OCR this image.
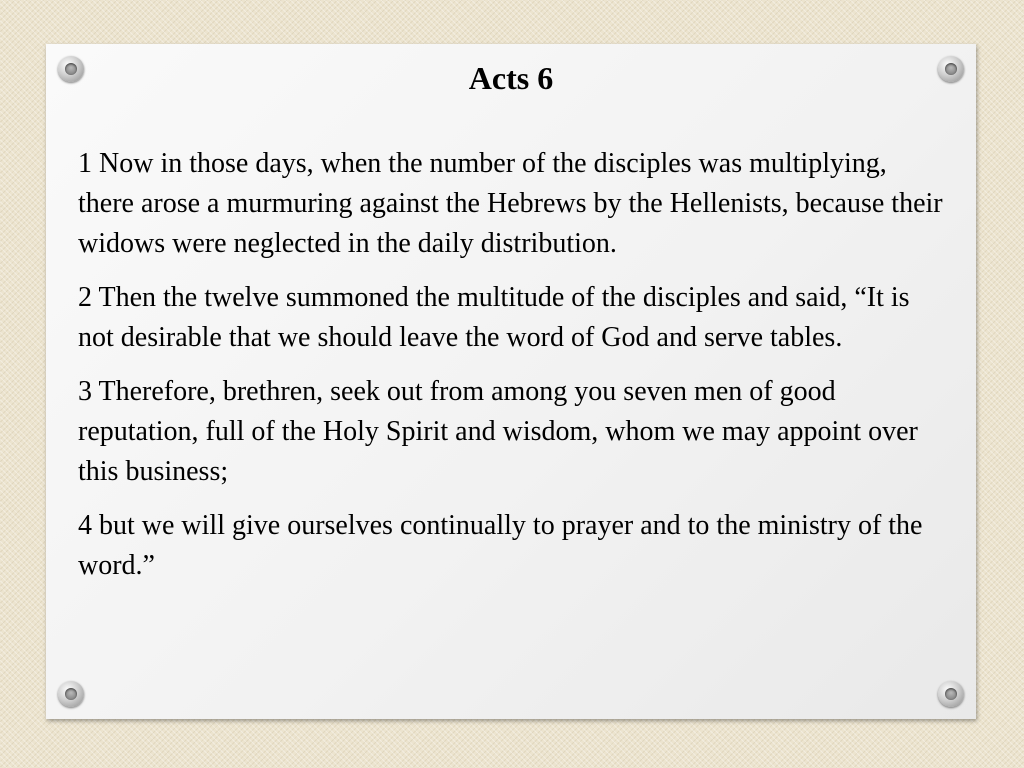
Acts 6

1 Now in those days, when the number of the disciples was multiplying, there arose a murmuring against the Hebrews by the Hellenists, because their widows were neglected in the daily distribution.

2 Then the twelve summoned the multitude of the disciples and said, “It is not desirable that we should leave the word of God and serve tables.

3 Therefore, brethren, seek out from among you seven men of good reputation, full of the Holy Spirit and wisdom, whom we may appoint over this business;

4 but we will give ourselves continually to prayer and to the ministry of the word.”
